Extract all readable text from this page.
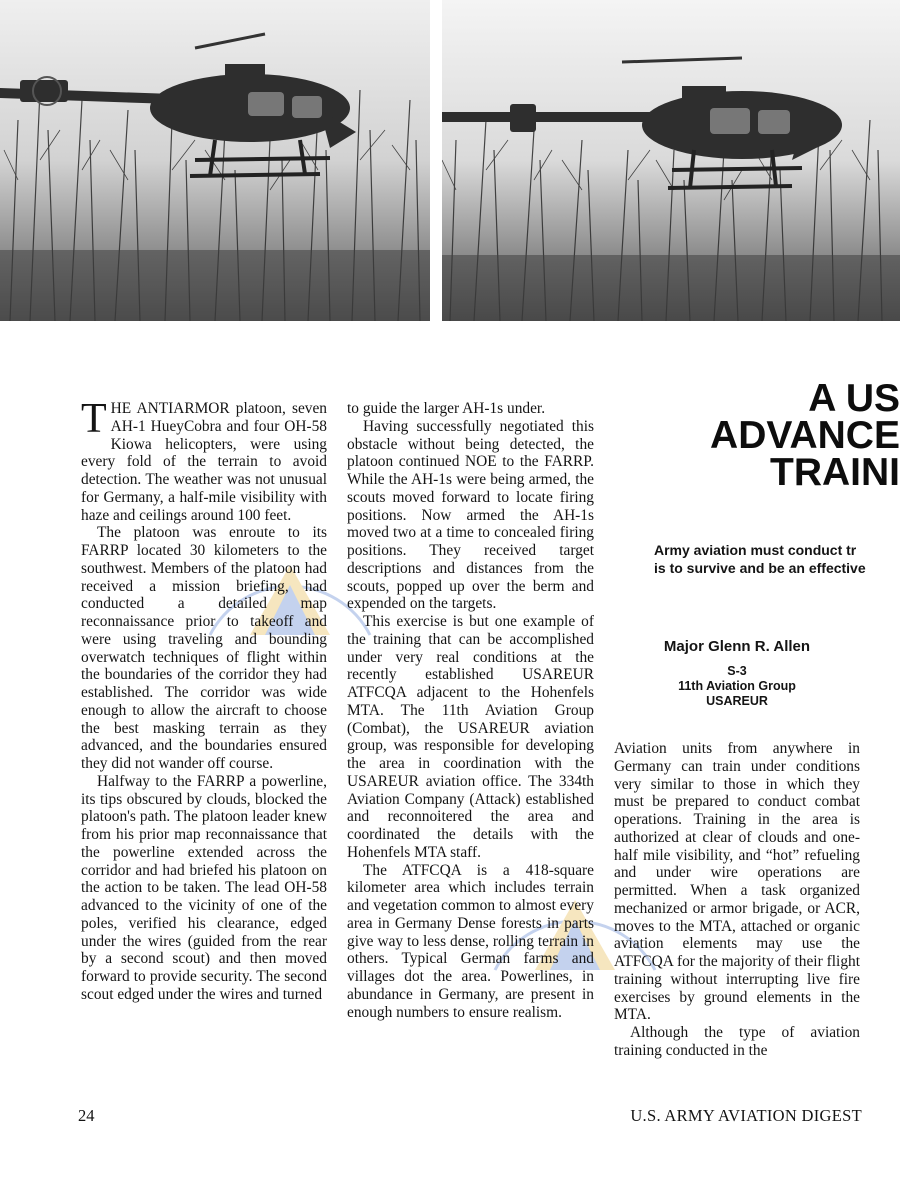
A US
ADVANCE
TRAINI
Army aviation must conduct tr
is to survive and be an effective
Major Glenn R. Allen
S-3
11th Aviation Group
USAREUR

THE ANTIARMOR platoon, seven AH-1 HueyCobra and four OH-58 Kiowa helicopters, were using every fold of the terrain to avoid detection. The weather was not unusual for Germany, a half-mile visibility with haze and ceilings around 100 feet.

The platoon was enroute to its FARRP located 30 kilometers to the southwest. Members of the platoon had received a mission briefing, had conducted a detailed map reconnaissance prior to takeoff and were using traveling and bounding overwatch techniques of flight within the boundaries of the corridor they had established. The corridor was wide enough to allow the aircraft to choose the best masking terrain as they advanced, and the boundaries ensured they did not wander off course.

Halfway to the FARRP a powerline, its tips obscured by clouds, blocked the platoon's path. The platoon leader knew from his prior map reconnaissance that the powerline extended across the corridor and had briefed his platoon on the action to be taken. The lead OH-58 advanced to the vicinity of one of the poles, verified his clearance, edged under the wires (guided from the rear by a second scout) and then moved forward to provide security. The second scout edged under the wires and turned

to guide the larger AH-1s under.

Having successfully negotiated this obstacle without being detected, the platoon continued NOE to the FARRP. While the AH-1s were being armed, the scouts moved forward to locate firing positions. Now armed the AH-1s moved two at a time to concealed firing positions. They received target descriptions and distances from the scouts, popped up over the berm and expended on the targets.

This exercise is but one example of the training that can be accomplished under very real conditions at the recently established USAREUR ATFCQA adjacent to the Hohenfels MTA. The 11th Aviation Group (Combat), the USAREUR aviation group, was responsible for developing the area in coordination with the USAREUR aviation office. The 334th Aviation Company (Attack) established and reconnoitered the area and coordinated the details with the Hohenfels MTA staff.

The ATFCQA is a 418-square kilometer area which includes terrain and vegetation common to almost every area in Germany Dense forests in parts give way to less dense, rolling terrain in others. Typical German farms and villages dot the area. Powerlines, in abundance in Germany, are present in enough numbers to ensure realism.

Aviation units from anywhere in Germany can train under conditions very similar to those in which they must be prepared to conduct combat operations. Training in the area is authorized at clear of clouds and one-half mile visibility, and “hot” refueling and under wire operations are permitted. When a task organized mechanized or armor brigade, or ACR, moves to the MTA, attached or organic aviation elements may use the ATFCQA for the majority of their flight training without interrupting live fire exercises by ground elements in the MTA.

Although the type of aviation training conducted in the

24	U.S. ARMY AVIATION DIGEST
